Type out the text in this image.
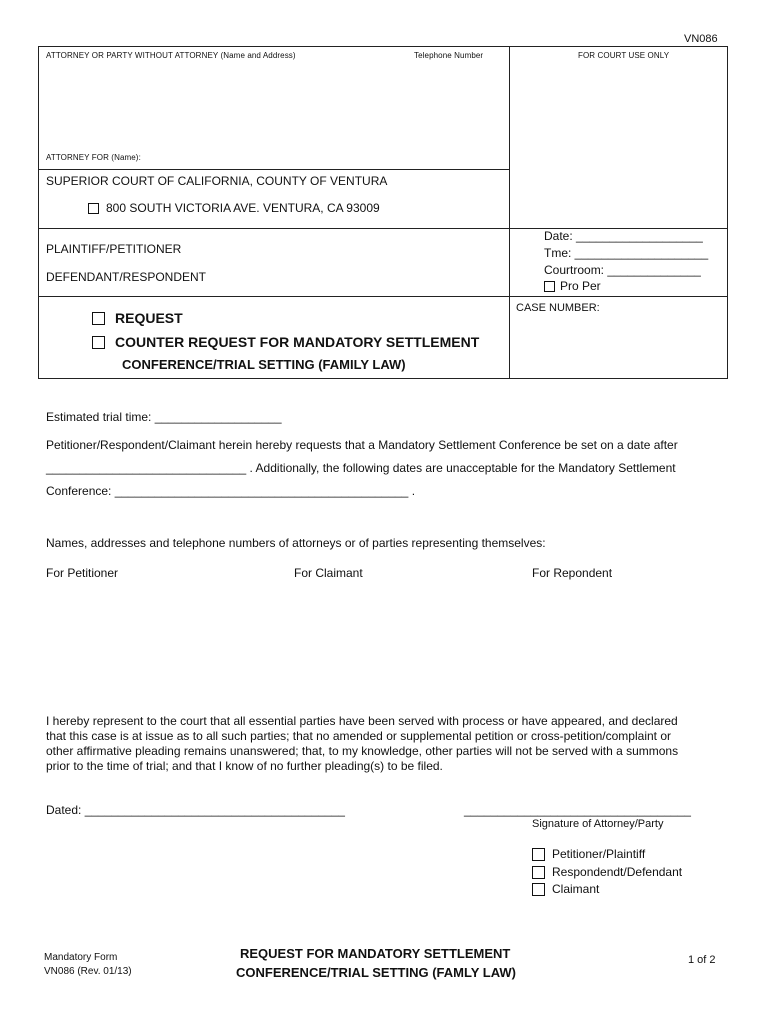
VN086
ATTORNEY OR PARTY WITHOUT ATTORNEY (Name and Address)	Telephone Number	FOR COURT USE ONLY
ATTORNEY FOR (Name):
SUPERIOR COURT OF CALIFORNIA, COUNTY OF VENTURA
800 SOUTH VICTORIA AVE. VENTURA, CA 93009
PLAINTIFF/PETITIONER
DEFENDANT/RESPONDENT
Date: ___________________
Tme: ____________________
Courtroom: ______________
Pro Per
REQUEST
COUNTER REQUEST FOR MANDATORY SETTLEMENT
CONFERENCE/TRIAL SETTING (FAMILY LAW)
CASE NUMBER:
Estimated trial time: ___________________
Petitioner/Respondent/Claimant herein hereby requests that a Mandatory Settlement Conference be set on a date after
______________________________ . Additionally, the following dates are unacceptable for the Mandatory Settlement
Conference: ____________________________________________ .
Names, addresses and telephone numbers of attorneys or of parties representing themselves:
For Petitioner	For Claimant	For Repondent
I hereby represent to the court that all essential parties have been served with process or have appeared, and declared
that this case is at issue as to all such parties; that no amended or supplemental petition or cross-petition/complaint or
other affirmative pleading remains unanswered; that, to my knowledge, other parties will not be served with a summons
prior to the time of trial; and that I know of no further pleading(s) to be filed.
Dated: _______________________________________	__________________________________
Signature of Attorney/Party
Petitioner/Plaintiff
Respondendt/Defendant
Claimant
Mandatory Form
VN086 (Rev. 01/13)
REQUEST FOR MANDATORY SETTLEMENT
CONFERENCE/TRIAL SETTING (FAMLY LAW)
1 of 2
